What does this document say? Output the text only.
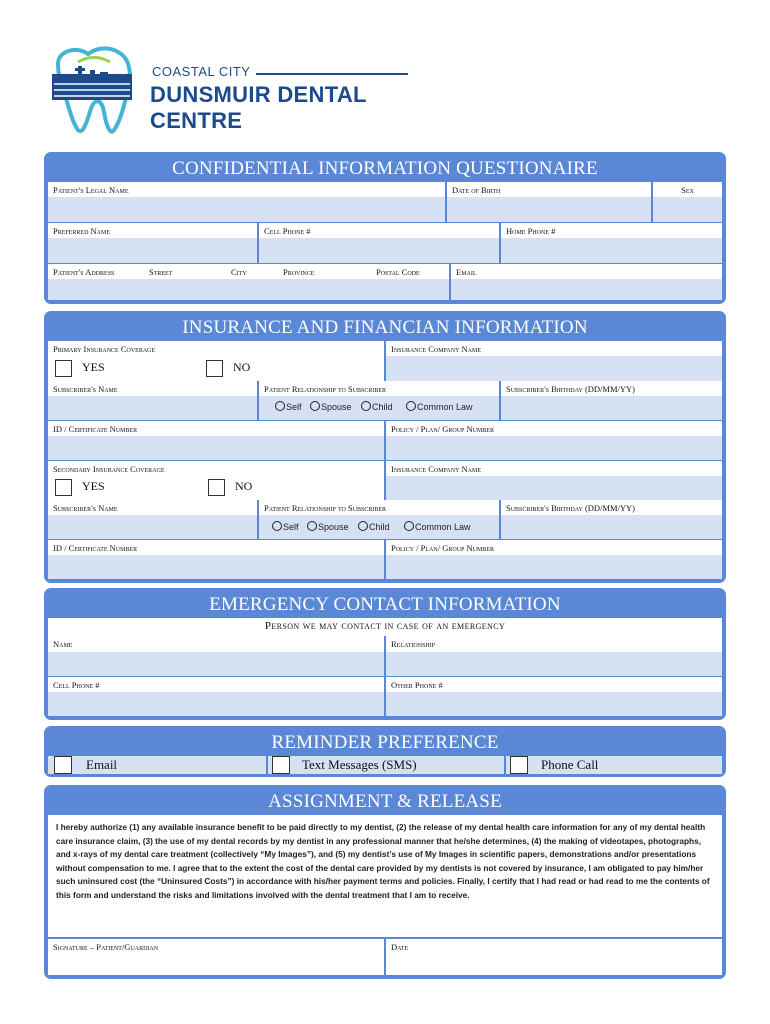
COASTAL CITY
DUNSMUIR DENTAL CENTRE
CONFIDENTIAL INFORMATION QUESTIONAIRE
Patient's Legal Name	Date of Birth	Sex
Preferred Name	Cell Phone #	Home Phone #
Patient's Address	Street	City	Province	Postal Code	Email
INSURANCE AND FINANCIAN INFORMATION
Primary Insurance Coverage	Insurance Company Name
YES	NO
Subscriber's Name	Patient Relationship to Subscriber	Subscriber's Birthday (DD/MM/YY)
Self	Spouse	Child	Common Law
ID / Certificate Number	Policy / Plan/ Group Number
Secondary Insurance Coverage	Insurance Company Name
YES	NO
Subscriber's Name	Patient Relationship to Subscriber	Subscriber's Birthday (DD/MM/YY)
Self	Spouse	Child	Common Law
ID / Certificate Number	Policy / Plan/ Group Number
EMERGENCY CONTACT INFORMATION
Person we may contact in case of an emergency
Name	Relationship
Cell Phone #	Other Phone #
REMINDER PREFERENCE
Email	Text Messages (SMS)	Phone Call
ASSIGNMENT & RELEASE
I hereby authorize (1) any available insurance benefit to be paid directly to my dentist, (2) the release of my dental health care information for any of my dental health care insurance claim, (3) the use of my dental records by my dentist in any professional manner that he/she determines, (4) the making of videotapes, photographs, and x-rays of my dental care treatment (collectively “My Images”), and (5) my dentist’s use of My Images in scientific papers, demonstrations and/or presentations without compensation to me. I agree that to the extent the cost of the dental care provided by my dentists is not covered by insurance, I am obligated to pay him/her such uninsured cost (the “Uninsured Costs”) in accordance with his/her payment terms and policies. Finally, I certify that I had read or had read to me the contents of this form and understand the risks and limitations involved with the dental treatment that I am to receive.
Signature – Patient/Guardian	Date
